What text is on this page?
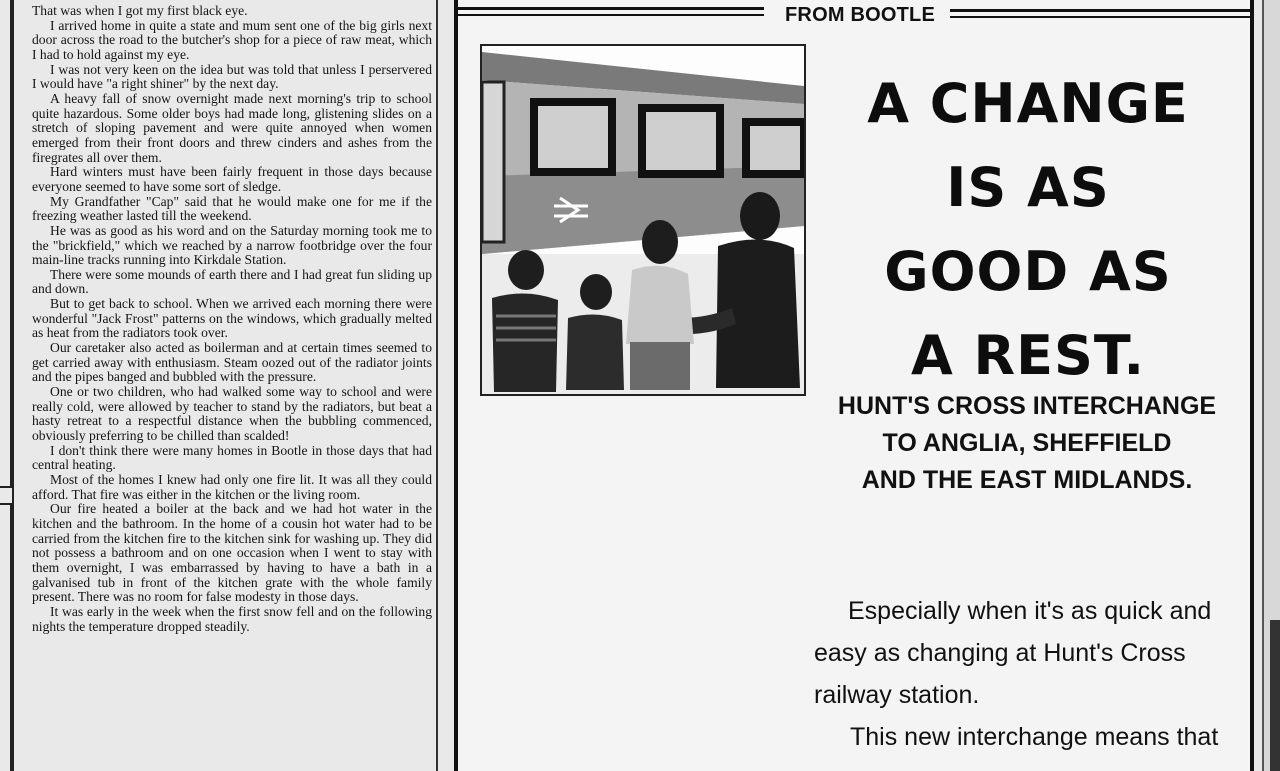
That was when I got my first black eye.

I arrived home in quite a state and mum sent one of the big girls next door across the road to the butcher's shop for a piece of raw meat, which I had to hold against my eye.

I was not very keen on the idea but was told that unless I perservered I would have "a right shiner" by the next day.

A heavy fall of snow overnight made next morning's trip to school quite hazardous. Some older boys had made long, glistening slides on a stretch of sloping pavement and were quite annoyed when women emerged from their front doors and threw cinders and ashes from the firegrates all over them.

Hard winters must have been fairly frequent in those days because everyone seemed to have some sort of sledge.

My Grandfather "Cap" said that he would make one for me if the freezing weather lasted till the weekend.

He was as good as his word and on the Saturday morning took me to the "brickfield," which we reached by a narrow footbridge over the four main-line tracks running into Kirkdale Station.

There were some mounds of earth there and I had great fun sliding up and down.

But to get back to school. When we arrived each morning there were wonderful "Jack Frost" patterns on the windows, which gradually melted as heat from the radiators took over.

Our caretaker also acted as boilerman and at certain times seemed to get carried away with enthusiasm. Steam oozed out of the radiator joints and the pipes banged and bubbled with the pressure.

One or two children, who had walked some way to school and were really cold, were allowed by teacher to stand by the radiators, but beat a hasty retreat to a respectful distance when the bubbling commenced, obviously preferring to be chilled than scalded!

I don't think there were many homes in Bootle in those days that had central heating.

Most of the homes I knew had only one fire lit. It was all they could afford. That fire was either in the kitchen or the living room.

Our fire heated a boiler at the back and we had hot water in the kitchen and the bathroom. In the home of a cousin hot water had to be carried from the kitchen fire to the kitchen sink for washing up. They did not possess a bathroom and on one occasion when I went to stay with them overnight, I was embarrassed by having to have a bath in a galvanised tub in front of the kitchen grate with the whole family present. There was no room for false modesty in those days.

It was early in the week when the first snow fell and on the following nights the temperature dropped steadily.

FROM BOOTLE
A CHANGE
IS AS
GOOD AS
A REST.
HUNT'S CROSS INTERCHANGE
TO ANGLIA, SHEFFIELD
AND THE EAST MIDLANDS.

Especially when it's as quick and easy as changing at Hunt's Cross railway station.

This new interchange means that
